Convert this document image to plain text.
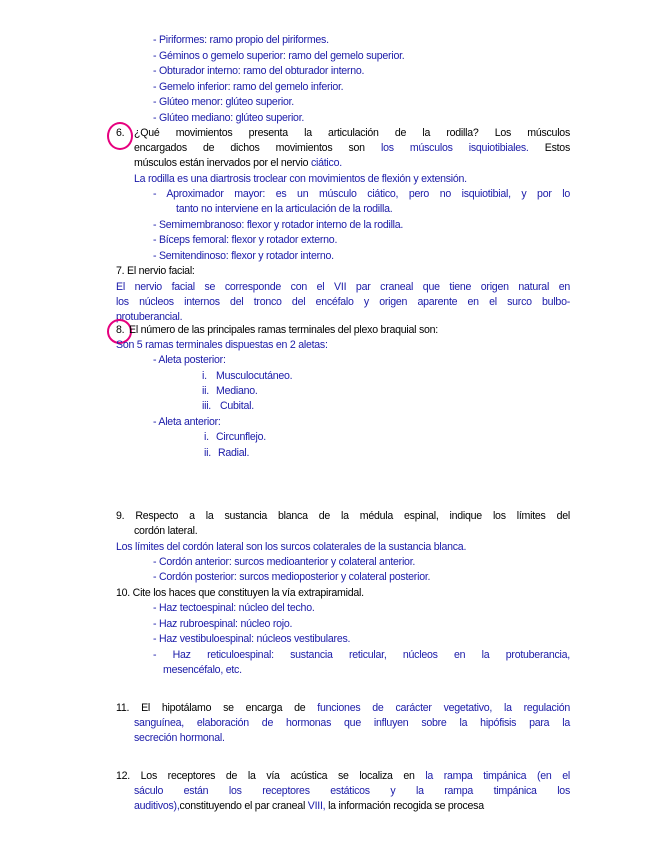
- Piriformes: ramo propio del piriformes.
- Géminos o gemelo superior: ramo del gemelo superior.
- Obturador interno: ramo del obturador interno.
- Gemelo inferior: ramo del gemelo inferior.
- Glúteo menor: glúteo superior.
- Glúteo mediano: glúteo superior.
6. ¿Qué movimientos presenta la articulación de la rodilla? Los músculos
encargados de dichos movimientos son los músculos isquiotibiales. Estos
músculos están inervados por el nervio ciático.
La rodilla es una diartrosis troclear con movimientos de flexión y extensión.
- Aproximador mayor: es un músculo ciático, pero no isquiotibial, y por lo
tanto no interviene en la articulación de la rodilla.
- Semimembranoso: flexor y rotador interno de la rodilla.
- Bíceps femoral: flexor y rotador externo.
- Semitendinoso: flexor y rotador interno.
7. El nervio facial:
El nervio facial se corresponde con el VII par craneal que tiene origen natural en
los núcleos internos del tronco del encéfalo y origen aparente en el surco bulbo-
protuberancial.
8. El número de las principales ramas terminales del plexo braquial son:
Son 5 ramas terminales dispuestas en 2 aletas:
- Aleta posterior:
i. Musculocutáneo.
ii. Mediano.
iii. Cubital.
- Aleta anterior:
i. Circunflejo.
ii. Radial.
9. Respecto a la sustancia blanca de la médula espinal, indique los límites del
cordón lateral.
Los límites del cordón lateral son los surcos colaterales de la sustancia blanca.
- Cordón anterior: surcos medioanterior y colateral anterior.
- Cordón posterior: surcos medioposterior y colateral posterior.
10. Cite los haces que constituyen la vía extrapiramidal.
- Haz tectoespinal: núcleo del techo.
- Haz rubroespinal: núcleo rojo.
- Haz vestibuloespinal: núcleos vestibulares.
- Haz reticuloespinal: sustancia reticular, núcleos en la protuberancia,
mesencéfalo, etc.
11. El hipotálamo se encarga de funciones de carácter vegetativo, la regulación
sanguínea, elaboración de hormonas que influyen sobre la hipófisis para la
secreción hormonal.
12. Los receptores de la vía acústica se localiza en la rampa timpánica (en el
sáculo están los receptores estáticos y la rampa timpánica los
auditivos),constituyendo el par craneal VIII, la información recogida se procesa
